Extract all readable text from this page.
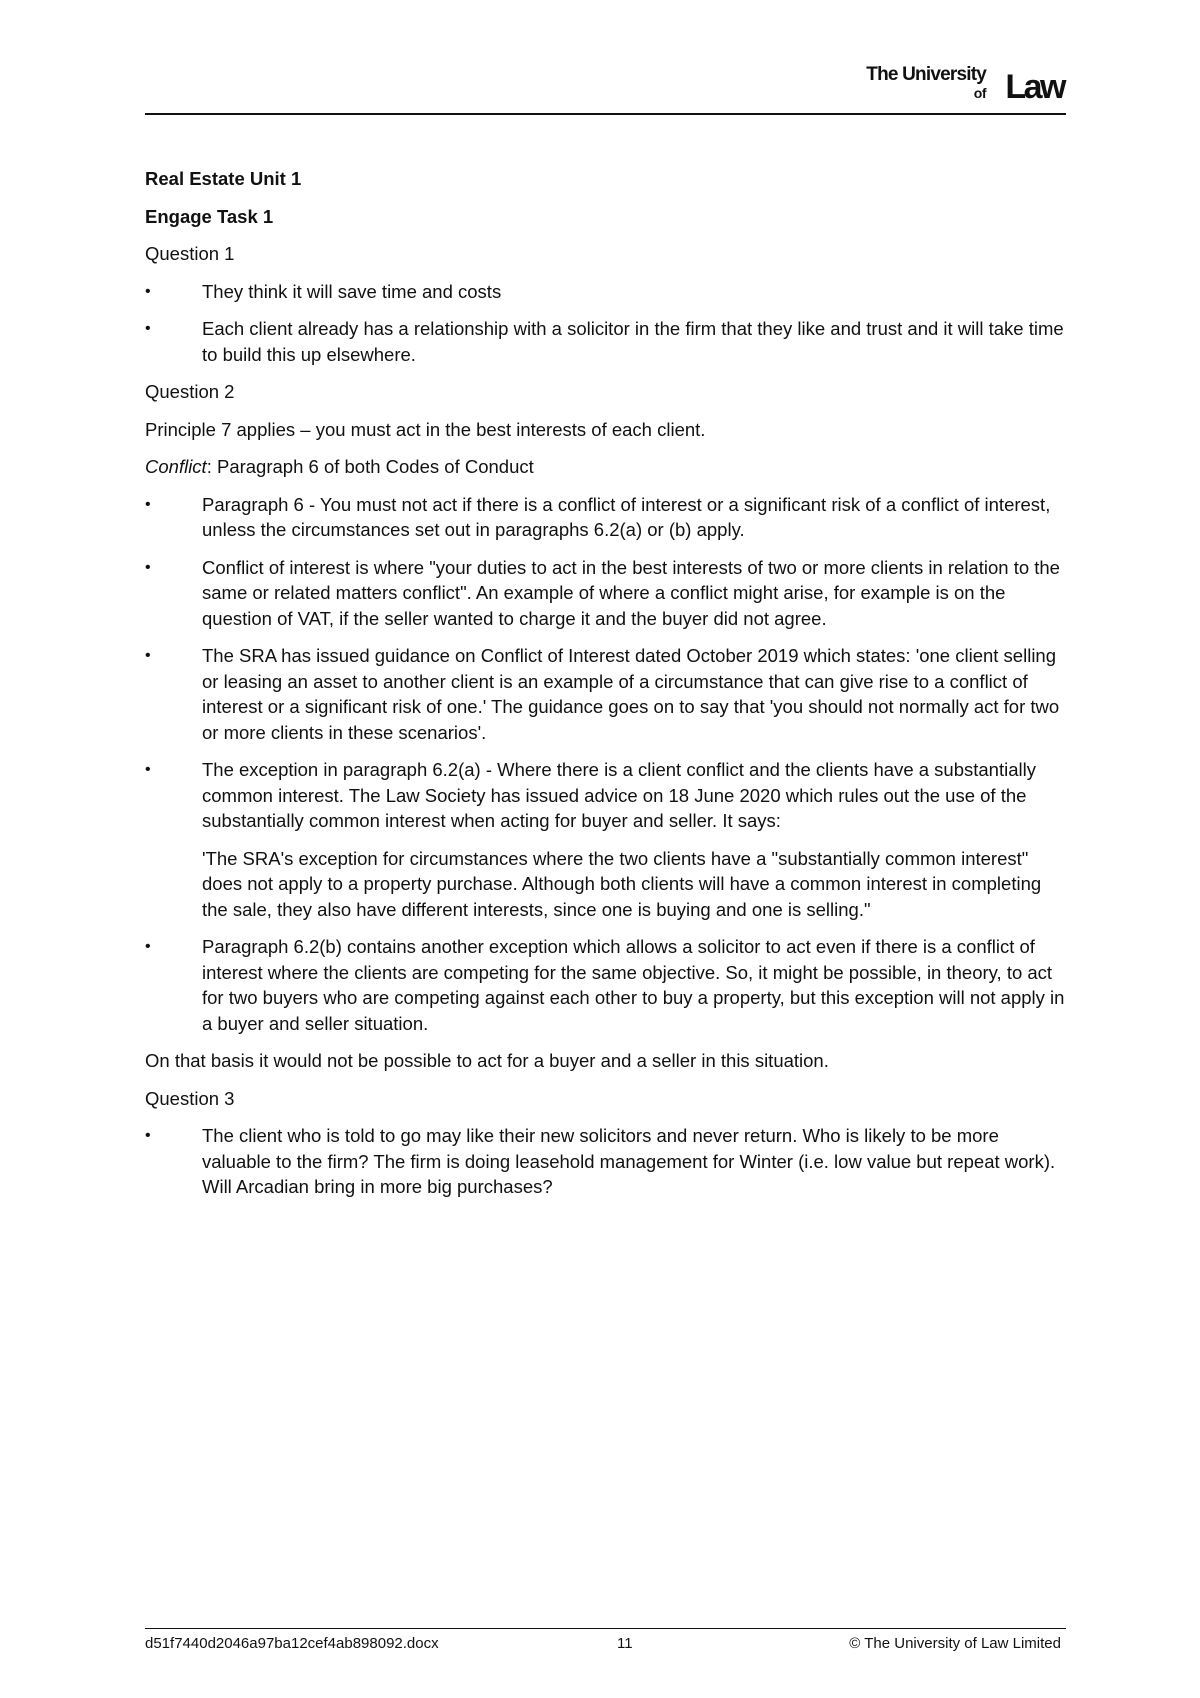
The University
of Law

Real Estate Unit 1

Engage Task 1

Question 1

•	They think it will save time and costs
•	Each client already has a relationship with a solicitor in the firm that they like and trust and it will take time to build this up elsewhere.

Question 2

Principle 7 applies – you must act in the best interests of each client.

Conflict: Paragraph 6 of both Codes of Conduct

•	Paragraph 6 - You must not act if there is a conflict of interest or a significant risk of a conflict of interest, unless the circumstances set out in paragraphs 6.2(a) or (b) apply.
•	Conflict of interest is where "your duties to act in the best interests of two or more clients in relation to the same or related matters conflict". An example of where a conflict might arise, for example is on the question of VAT, if the seller wanted to charge it and the buyer did not agree.
•	The SRA has issued guidance on Conflict of Interest dated October 2019 which states: 'one client selling or leasing an asset to another client is an example of a circumstance that can give rise to a conflict of interest or a significant risk of one.' The guidance goes on to say that 'you should not normally act for two or more clients in these scenarios'.
•	The exception in paragraph 6.2(a) - Where there is a client conflict and the clients have a substantially common interest. The Law Society has issued advice on 18 June 2020 which rules out the use of the substantially common interest when acting for buyer and seller. It says:

'The SRA's exception for circumstances where the two clients have a "substantially common interest" does not apply to a property purchase. Although both clients will have a common interest in completing the sale, they also have different interests, since one is buying and one is selling."

•	Paragraph 6.2(b) contains another exception which allows a solicitor to act even if there is a conflict of interest where the clients are competing for the same objective. So, it might be possible, in theory, to act for two buyers who are competing against each other to buy a property, but this exception will not apply in a buyer and seller situation.

On that basis it would not be possible to act for a buyer and a seller in this situation.

Question 3

•	The client who is told to go may like their new solicitors and never return. Who is likely to be more valuable to the firm? The firm is doing leasehold management for Winter (i.e. low value but repeat work). Will Arcadian bring in more big purchases?
d51f7440d2046a97ba12cef4ab898092.docx	11	© The University of Law Limited
